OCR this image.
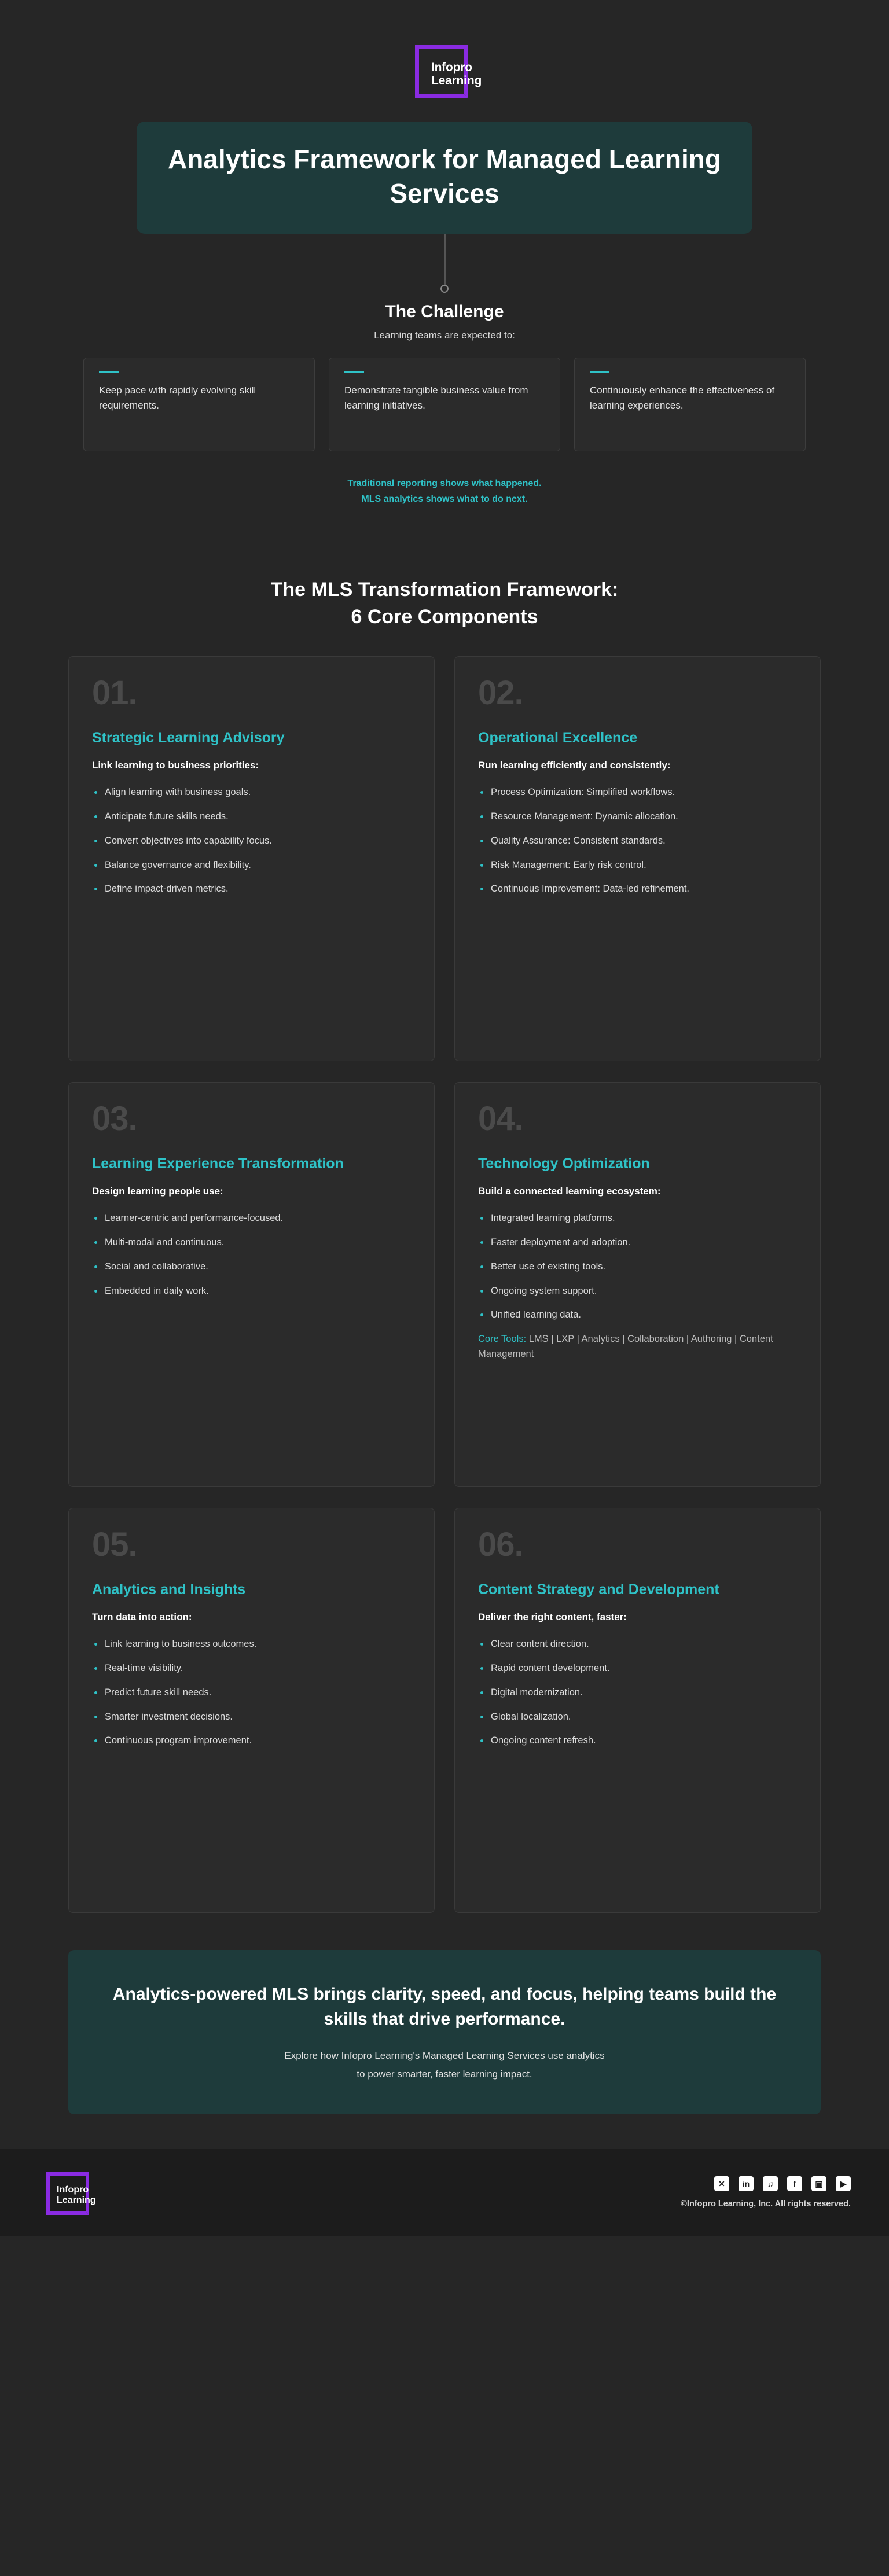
Infopro
Learning
Analytics Framework for Managed Learning Services
The Challenge
Learning teams are expected to:

Keep pace with rapidly evolving skill requirements.

Demonstrate tangible business value from learning initiatives.

Continuously enhance the effectiveness of learning experiences.

Traditional reporting shows what happened.
MLS analytics shows what to do next.
The MLS Transformation Framework:
6 Core Components
01.
Strategic Learning Advisory
Link learning to business priorities:
Align learning with business goals.
Anticipate future skills needs.
Convert objectives into capability focus.
Balance governance and flexibility.
Define impact-driven metrics.
02.
Operational Excellence
Run learning efficiently and consistently:
Process Optimization: Simplified workflows.
Resource Management: Dynamic allocation.
Quality Assurance: Consistent standards.
Risk Management: Early risk control.
Continuous Improvement: Data-led refinement.
03.
Learning Experience Transformation
Design learning people use:
Learner-centric and performance-focused.
Multi-modal and continuous.
Social and collaborative.
Embedded in daily work.
04.
Technology Optimization
Build a connected learning ecosystem:
Integrated learning platforms.
Faster deployment and adoption.
Better use of existing tools.
Ongoing system support.
Unified learning data.
Core Tools: LMS | LXP | Analytics | Collaboration | Authoring | Content Management
05.
Analytics and Insights
Turn data into action:
Link learning to business outcomes.
Real-time visibility.
Predict future skill needs.
Smarter investment decisions.
Continuous program improvement.
06.
Content Strategy and Development
Deliver the right content, faster:
Clear content direction.
Rapid content development.
Digital modernization.
Global localization.
Ongoing content refresh.
Analytics-powered MLS brings clarity, speed, and focus, helping teams build the skills that drive performance.

Explore how Infopro Learning's Managed Learning Services use analytics
to power smarter, faster learning impact.

Infopro
Learning
✕	in	♫	f	▣	▶
©Infopro Learning, Inc. All rights reserved.
